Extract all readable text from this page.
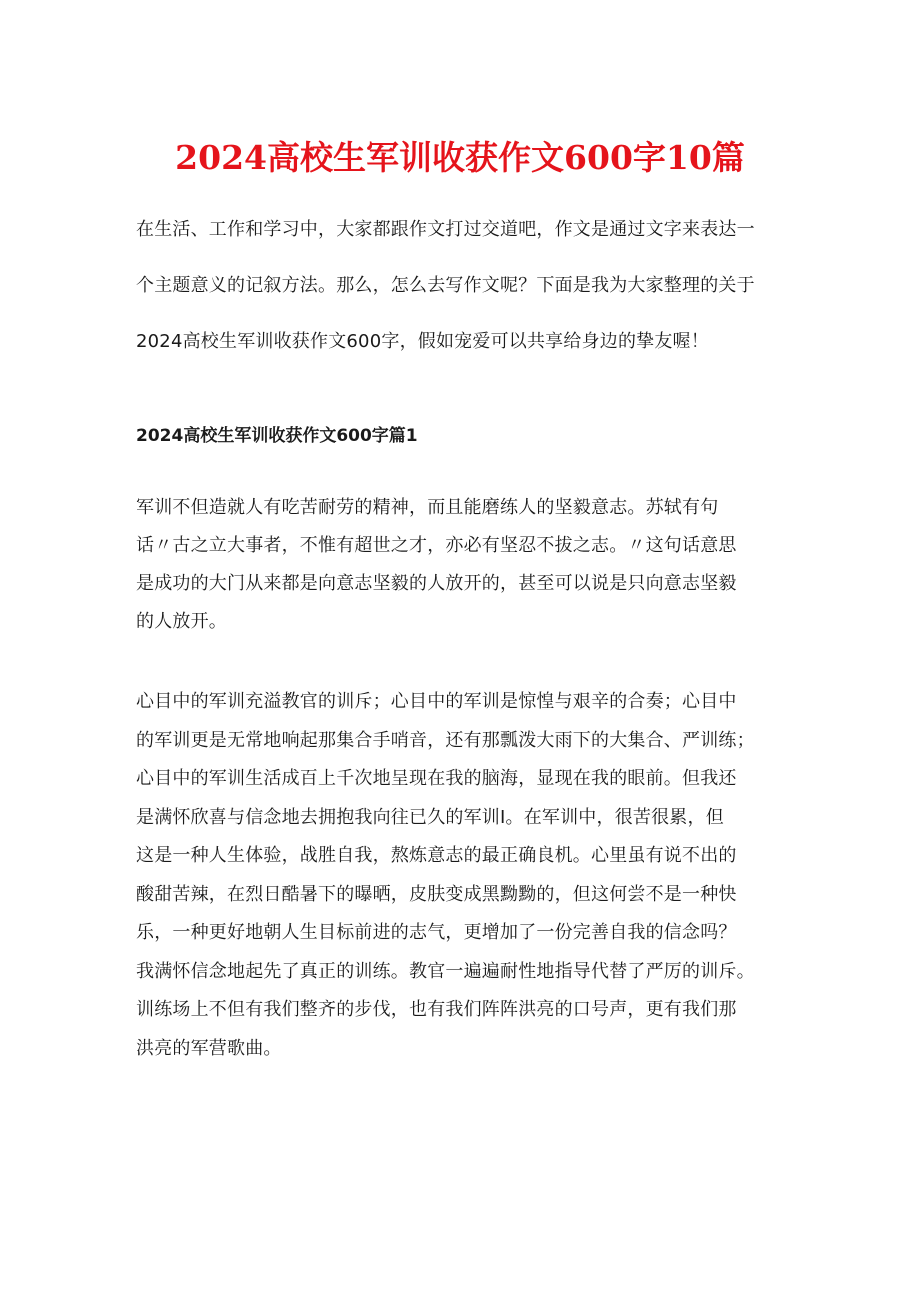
2024高校生军训收获作文600字10篇
在生活、工作和学习中，大家都跟作文打过交道吧，作文是通过文字来表达一
个主题意义的记叙方法。那么，怎么去写作文呢？下面是我为大家整理的关于
2024高校生军训收获作文600字，假如宠爱可以共享给身边的挚友喔！
2024高校生军训收获作文600字篇1
军训不但造就人有吃苦耐劳的精神，而且能磨练人的坚毅意志。苏轼有句
话〃古之立大事者，不惟有超世之才，亦必有坚忍不拔之志。〃这句话意思
是成功的大门从来都是向意志坚毅的人放开的，甚至可以说是只向意志坚毅
的人放开。
心目中的军训充溢教官的训斥；心目中的军训是惊惶与艰辛的合奏；心目中
的军训更是无常地响起那集合手哨音，还有那瓢泼大雨下的大集合、严训练；
心目中的军训生活成百上千次地呈现在我的脑海，显现在我的眼前。但我还
是满怀欣喜与信念地去拥抱我向往已久的军训I。在军训中，很苦很累，但
这是一种人生体验，战胜自我，熬炼意志的最正确良机。心里虽有说不出的
酸甜苦辣，在烈日酷暑下的曝晒，皮肤变成黑黝黝的，但这何尝不是一种快
乐，一种更好地朝人生目标前进的志气，更增加了一份完善自我的信念吗？
我满怀信念地起先了真正的训练。教官一遍遍耐性地指导代替了严厉的训斥。
训练场上不但有我们整齐的步伐，也有我们阵阵洪亮的口号声，更有我们那
洪亮的军营歌曲。
